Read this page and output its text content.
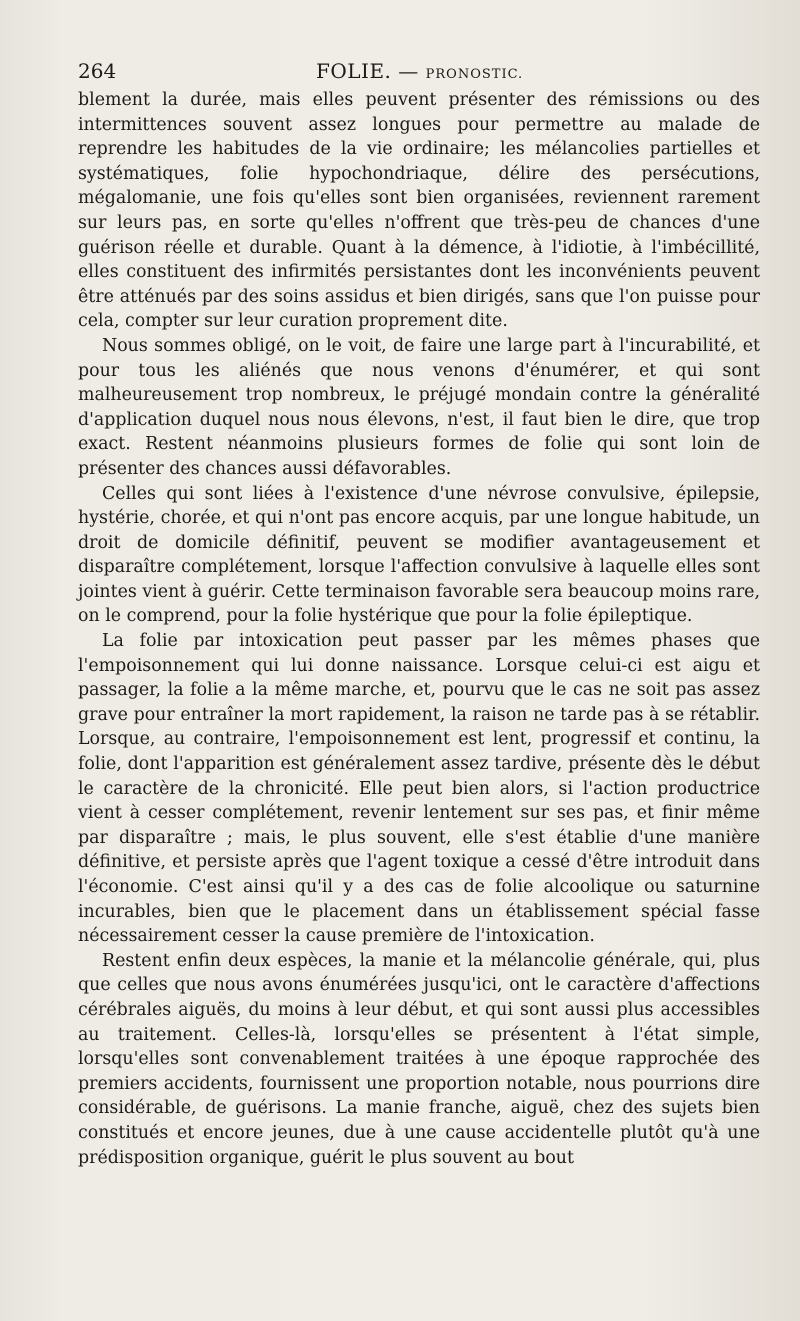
264	FOLIE. — PRONOSTIC.

blement la durée, mais elles peuvent présenter des rémissions ou des intermittences souvent assez longues pour permettre au malade de reprendre les habitudes de la vie ordinaire; les mélancolies partielles et systématiques, folie hypochondriaque, délire des persécutions, mégalomanie, une fois qu'elles sont bien organisées, reviennent rarement sur leurs pas, en sorte qu'elles n'offrent que très-peu de chances d'une guérison réelle et durable. Quant à la démence, à l'idiotie, à l'imbécillité, elles constituent des infirmités persistantes dont les inconvénients peuvent être atténués par des soins assidus et bien dirigés, sans que l'on puisse pour cela, compter sur leur curation proprement dite.

Nous sommes obligé, on le voit, de faire une large part à l'incurabilité, et pour tous les aliénés que nous venons d'énumérer, et qui sont malheureusement trop nombreux, le préjugé mondain contre la généralité d'application duquel nous nous élevons, n'est, il faut bien le dire, que trop exact. Restent néanmoins plusieurs formes de folie qui sont loin de présenter des chances aussi défavorables.

Celles qui sont liées à l'existence d'une névrose convulsive, épilepsie, hystérie, chorée, et qui n'ont pas encore acquis, par une longue habitude, un droit de domicile définitif, peuvent se modifier avantageusement et disparaître complétement, lorsque l'affection convulsive à laquelle elles sont jointes vient à guérir. Cette terminaison favorable sera beaucoup moins rare, on le comprend, pour la folie hystérique que pour la folie épileptique.

La folie par intoxication peut passer par les mêmes phases que l'empoisonnement qui lui donne naissance. Lorsque celui-ci est aigu et passager, la folie a la même marche, et, pourvu que le cas ne soit pas assez grave pour entraîner la mort rapidement, la raison ne tarde pas à se rétablir. Lorsque, au contraire, l'empoisonnement est lent, progressif et continu, la folie, dont l'apparition est généralement assez tardive, présente dès le début le caractère de la chronicité. Elle peut bien alors, si l'action productrice vient à cesser complétement, revenir lentement sur ses pas, et finir même par disparaître ; mais, le plus souvent, elle s'est établie d'une manière définitive, et persiste après que l'agent toxique a cessé d'être introduit dans l'économie. C'est ainsi qu'il y a des cas de folie alcoolique ou saturnine incurables, bien que le placement dans un établissement spécial fasse nécessairement cesser la cause première de l'intoxication.

Restent enfin deux espèces, la manie et la mélancolie générale, qui, plus que celles que nous avons énumérées jusqu'ici, ont le caractère d'affections cérébrales aiguës, du moins à leur début, et qui sont aussi plus accessibles au traitement. Celles-là, lorsqu'elles se présentent à l'état simple, lorsqu'elles sont convenablement traitées à une époque rapprochée des premiers accidents, fournissent une proportion notable, nous pourrions dire considérable, de guérisons. La manie franche, aiguë, chez des sujets bien constitués et encore jeunes, due à une cause accidentelle plutôt qu'à une prédisposition organique, guérit le plus souvent au bout
